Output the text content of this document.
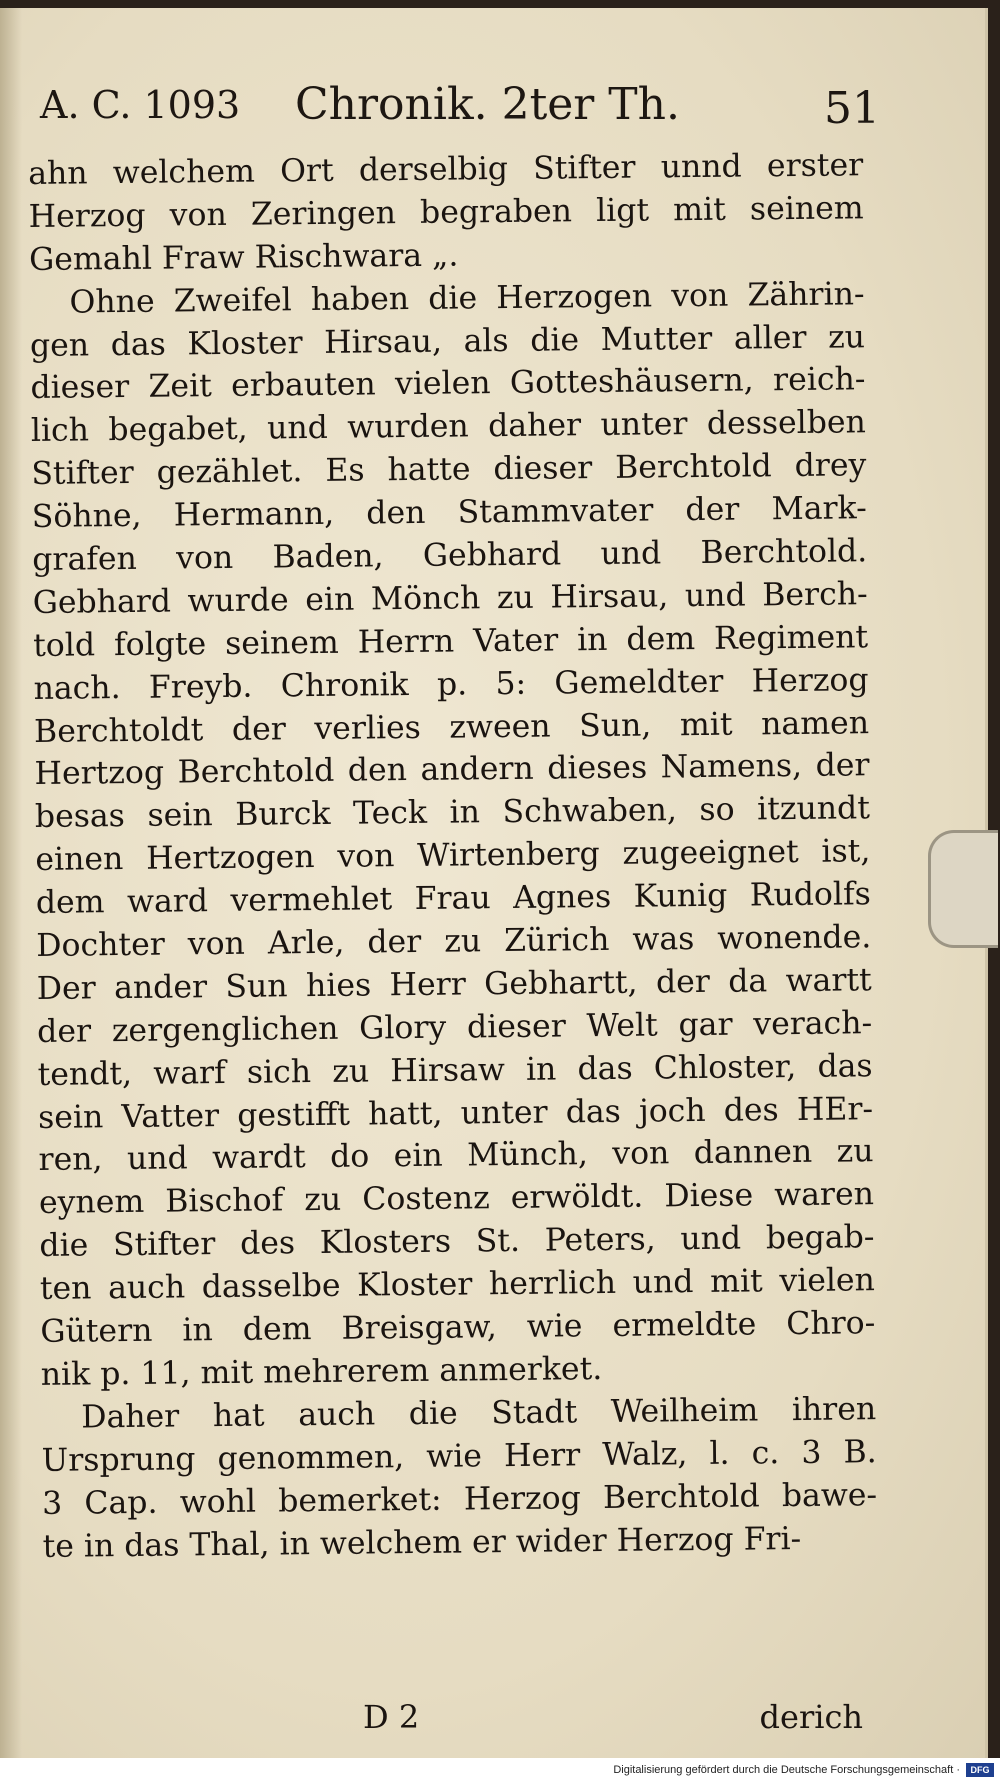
A. C. 1093 Chronik. 2ter Th.	51
ahn welchem Ort derselbig Stifter unnd erster
Herzog von Zeringen begraben ligt mit seinem
Gemahl Fraw Rischwara „.
Ohne Zweifel haben die Herzogen von Zährin-
gen das Kloster Hirsau, als die Mutter aller zu
dieser Zeit erbauten vielen Gotteshäusern, reich-
lich begabet, und wurden daher unter desselben
Stifter gezählet. Es hatte dieser Berchtold drey
Söhne, Hermann, den Stammvater der Mark-
grafen von Baden, Gebhard und Berchtold.
Gebhard wurde ein Mönch zu Hirsau, und Berch-
told folgte seinem Herrn Vater in dem Regiment
nach. Freyb. Chronik p. 5: Gemeldter Herzog
Berchtoldt der verlies zween Sun, mit namen
Hertzog Berchtold den andern dieses Namens, der
besas sein Burck Teck in Schwaben, so itzundt
einen Hertzogen von Wirtenberg zugeeignet ist,
dem ward vermehlet Frau Agnes Kunig Rudolfs
Dochter von Arle, der zu Zürich was wonende.
Der ander Sun hies Herr Gebhartt, der da wartt
der zergenglichen Glory dieser Welt gar verach-
tendt, warf sich zu Hirsaw in das Chloster, das
sein Vatter gestifft hatt, unter das joch des HEr-
ren, und wardt do ein Münch, von dannen zu
eynem Bischof zu Costenz erwöldt. Diese waren
die Stifter des Klosters St. Peters, und begab-
ten auch dasselbe Kloster herrlich und mit vielen
Gütern in dem Breisgaw, wie ermeldte Chro-
nik p. 11, mit mehrerem anmerket.
Daher hat auch die Stadt Weilheim ihren
Ursprung genommen, wie Herr Walz, l. c. 3 B.
3 Cap. wohl bemerket: Herzog Berchtold bawe-
te in das Thal, in welchem er wider Herzog Fri-
D 2	derich
Digitalisierung gefördert durch die Deutsche Forschungsgemeinschaft ·	DFG
